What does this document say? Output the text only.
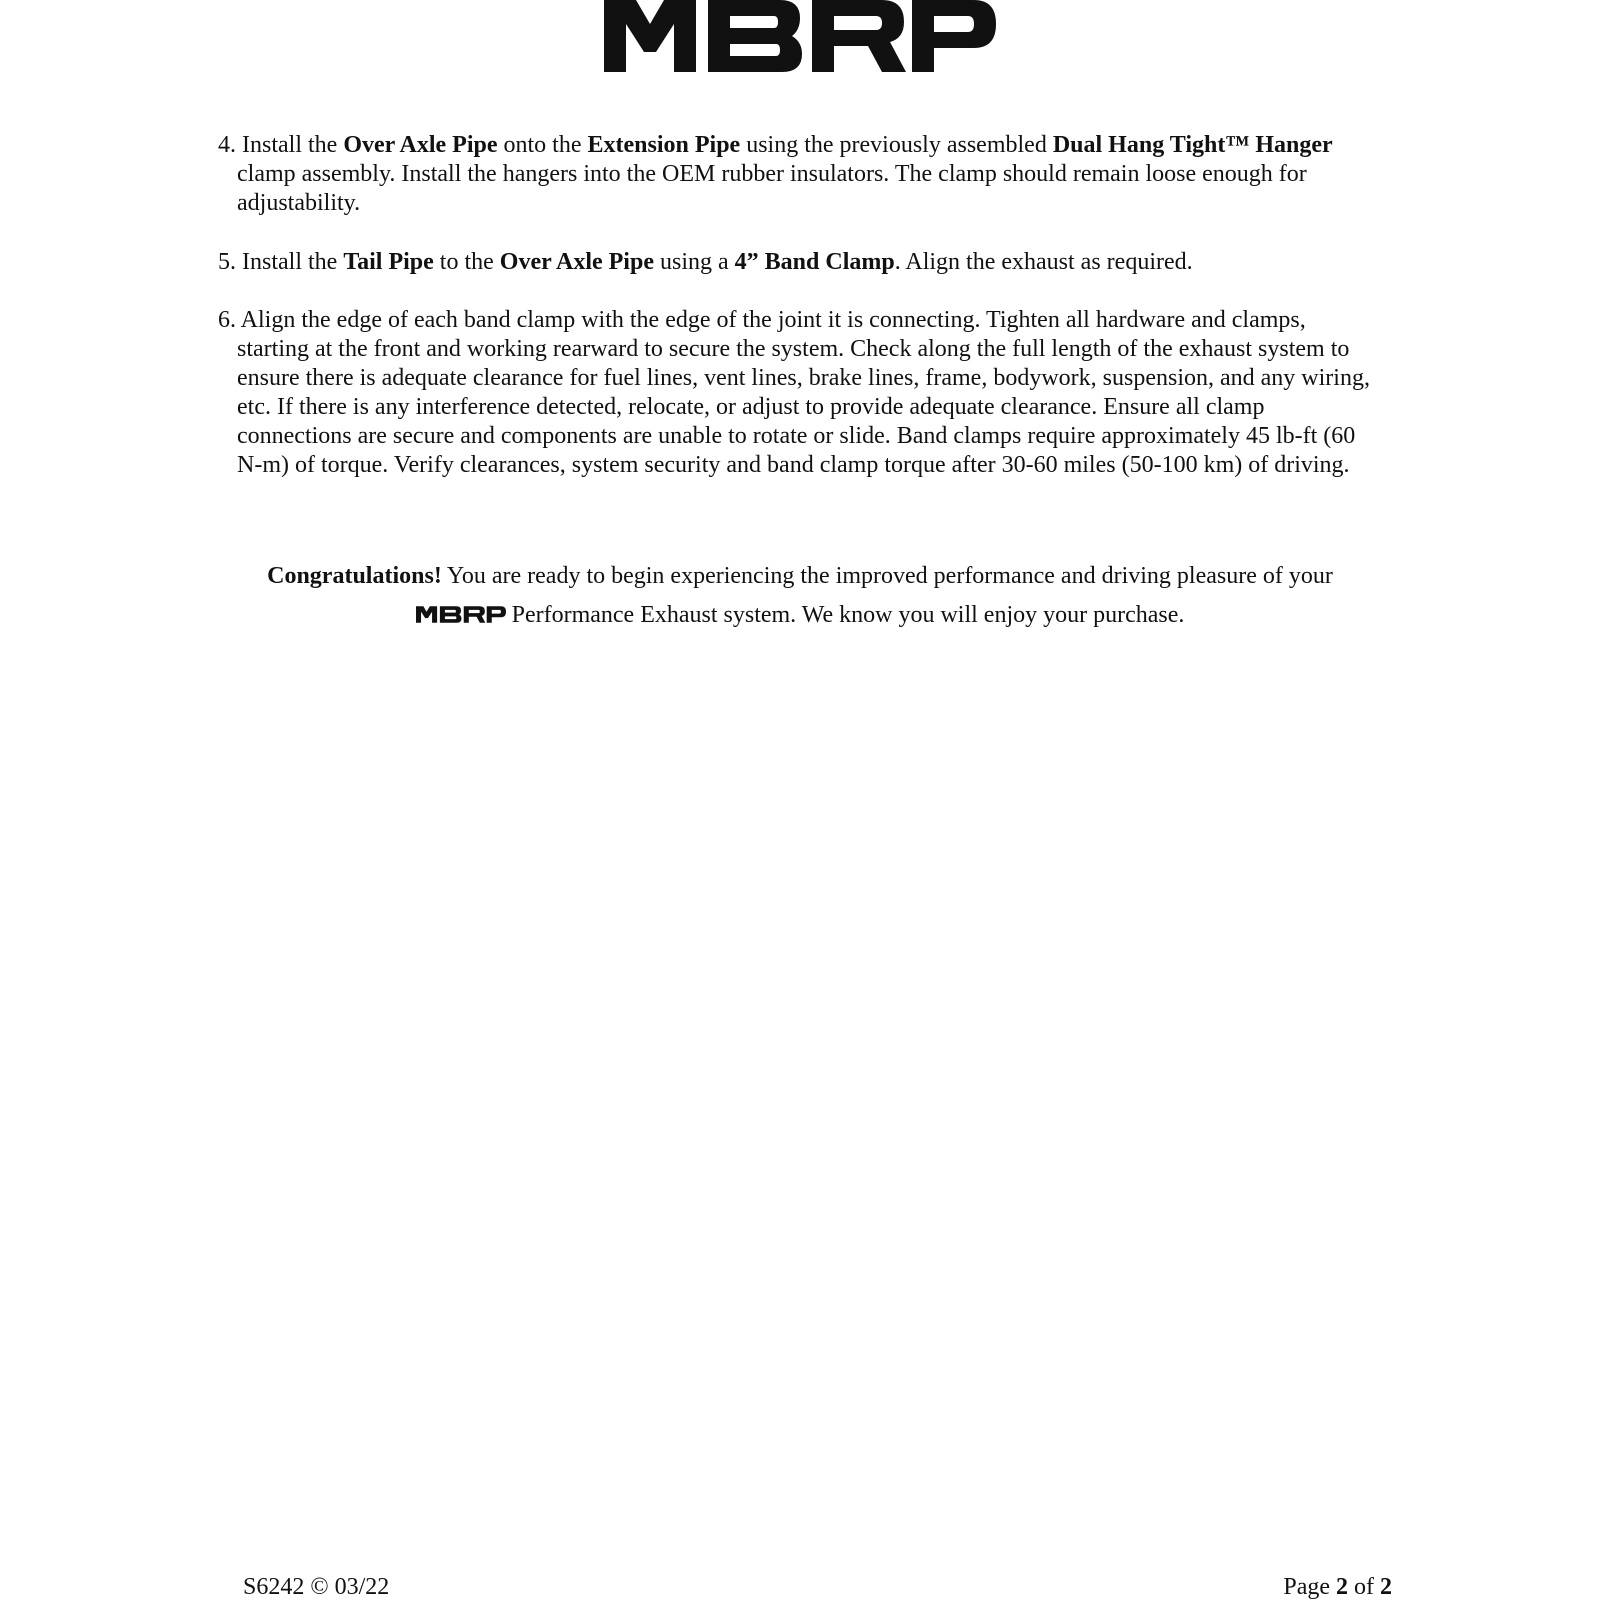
4. Install the Over Axle Pipe onto the Extension Pipe using the previously assembled Dual Hang Tight™ Hanger clamp assembly. Install the hangers into the OEM rubber insulators. The clamp should remain loose enough for adjustability.
5. Install the Tail Pipe to the Over Axle Pipe using a 4” Band Clamp. Align the exhaust as required.
6. Align the edge of each band clamp with the edge of the joint it is connecting. Tighten all hardware and clamps, starting at the front and working rearward to secure the system. Check along the full length of the exhaust system to ensure there is adequate clearance for fuel lines, vent lines, brake lines, frame, bodywork, suspension, and any wiring, etc. If there is any interference detected, relocate, or adjust to provide adequate clearance. Ensure all clamp connections are secure and components are unable to rotate or slide. Band clamps require approximately 45 lb-ft (60 N-m) of torque. Verify clearances, system security and band clamp torque after 30-60 miles (50-100 km) of driving.
Congratulations! You are ready to begin experiencing the improved performance and driving pleasure of your
Performance Exhaust system. We know you will enjoy your purchase.
S6242 © 03/22	Page 2 of 2
